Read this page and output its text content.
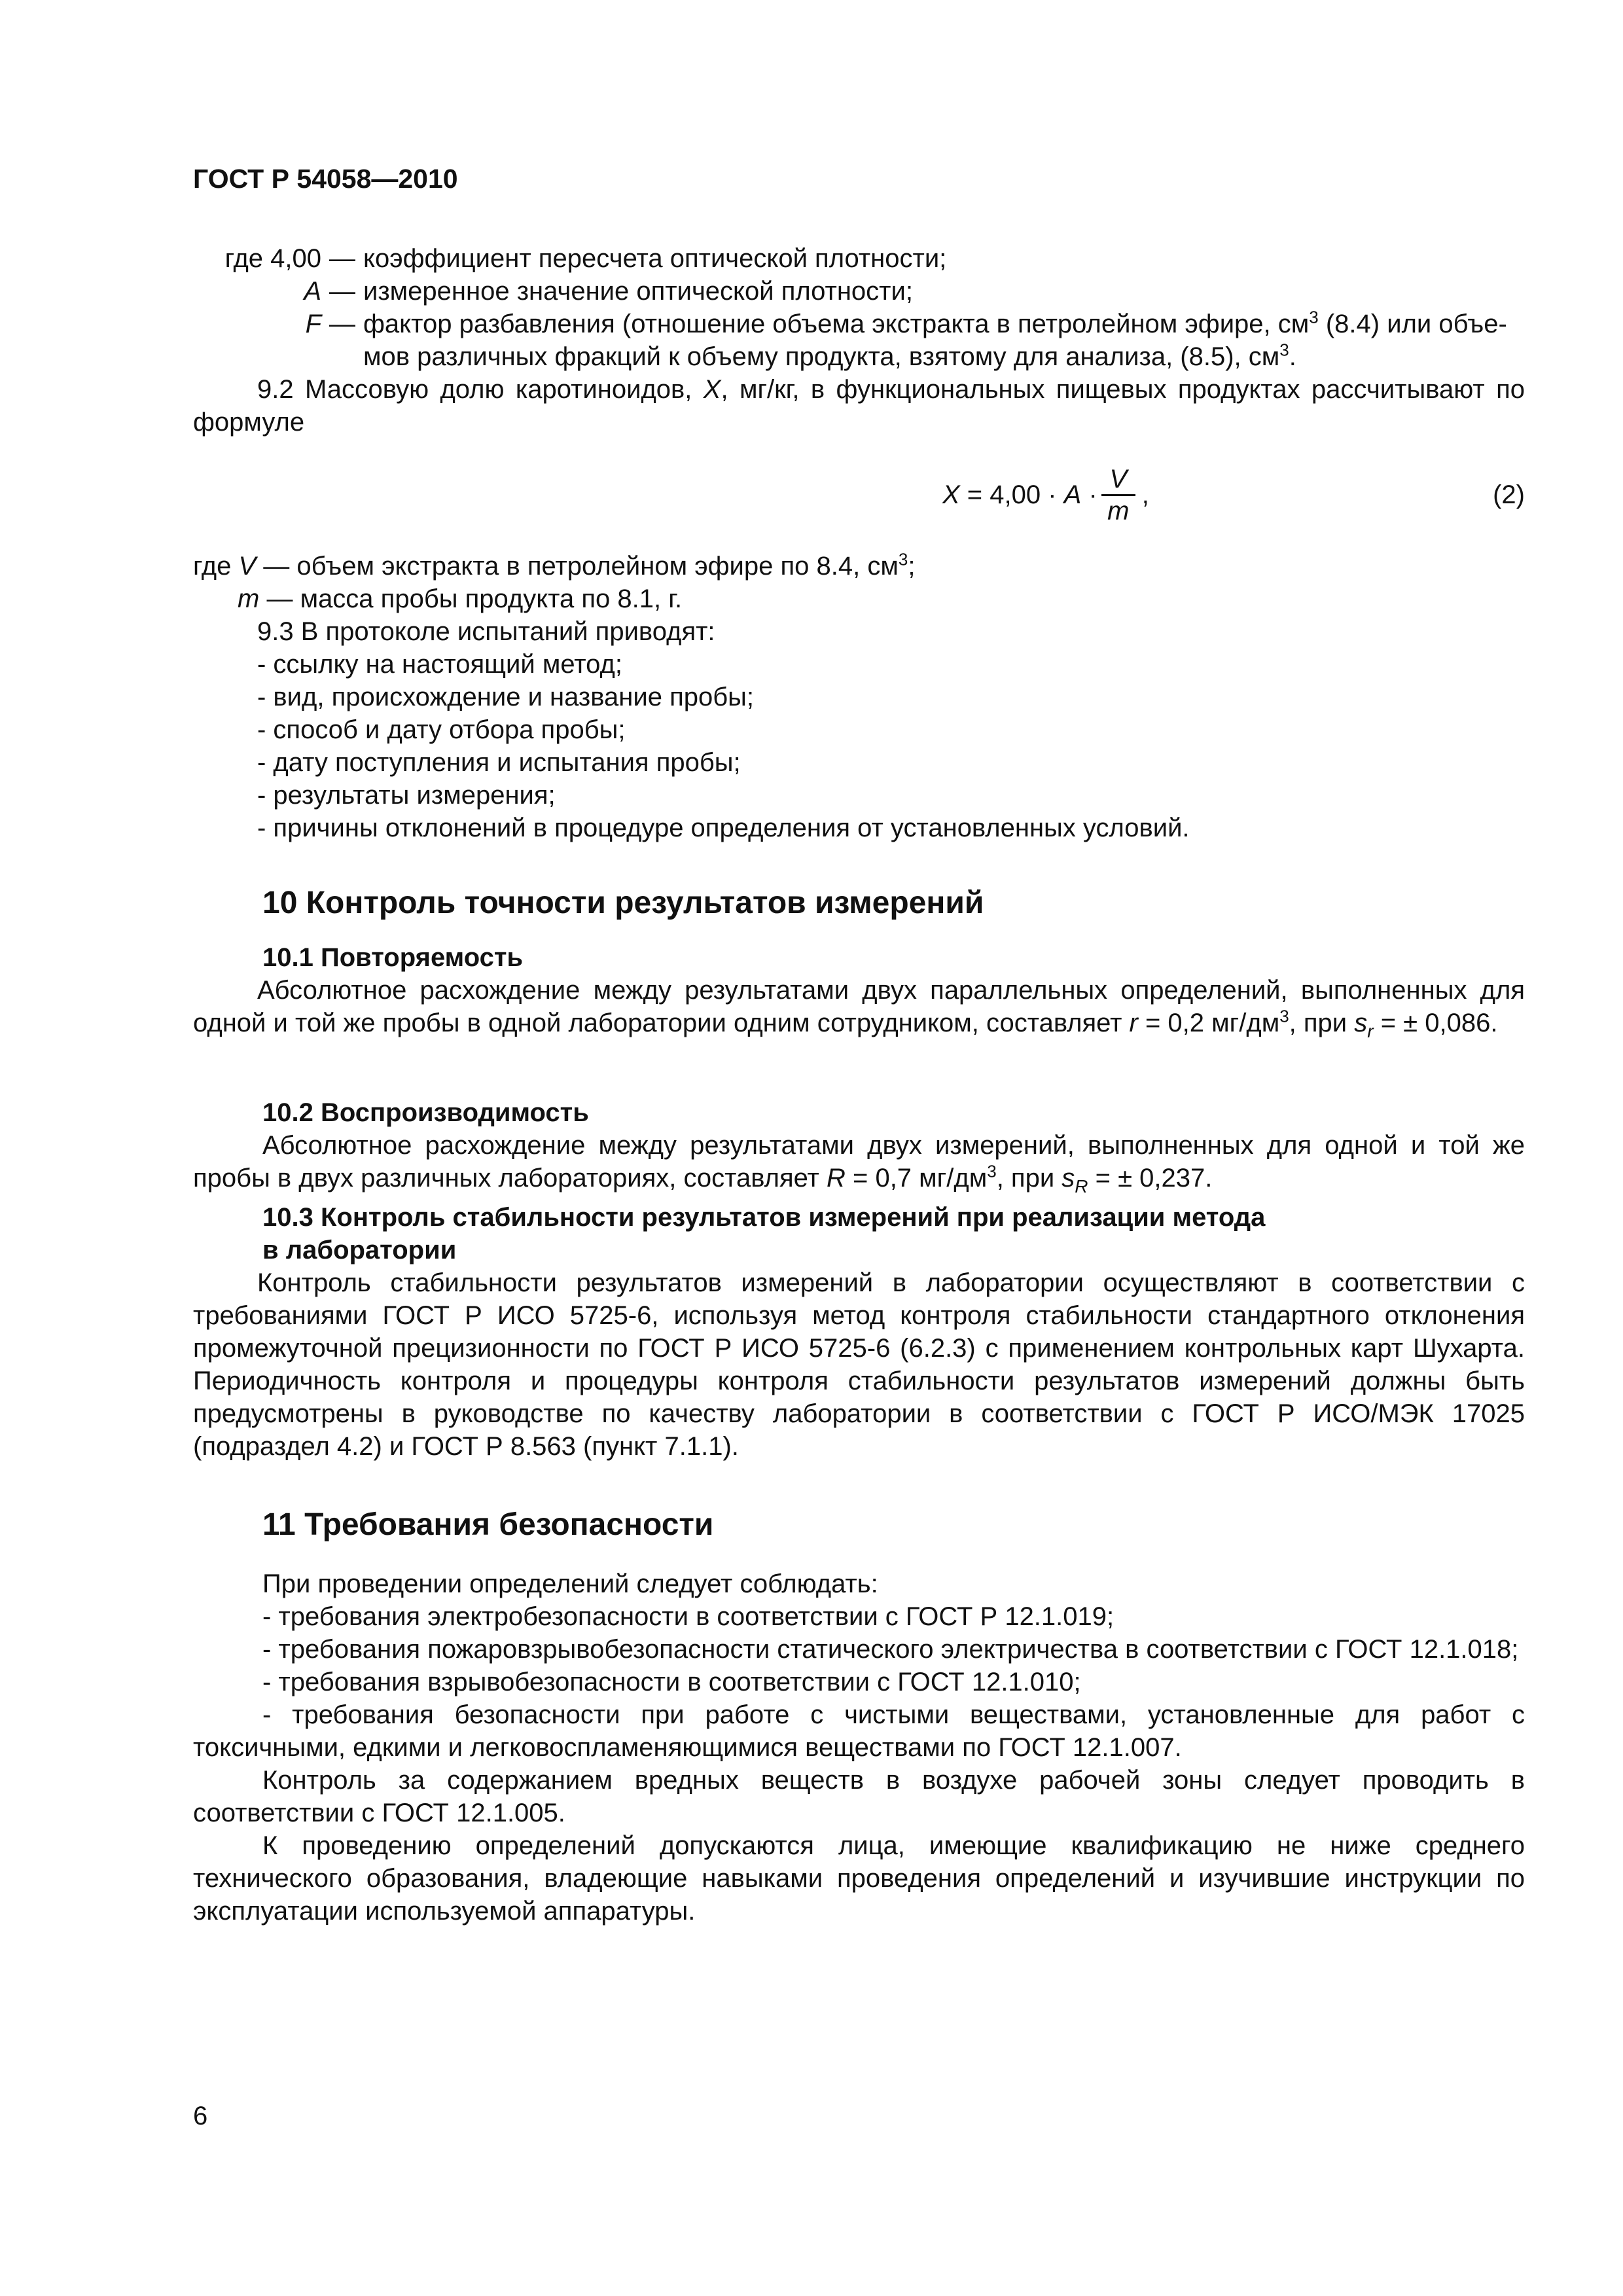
ГОСТ Р 54058—2010
где 4,00 — коэффициент пересчета оптической плотности;
A — измеренное значение оптической плотности;
F — фактор разбавления (отношение объема экстракта в петролейном эфире, $см^3$ (8.4) или объе-
мов различных фракций к объему продукта, взятому для анализа, (8.5), $см^3$.

9.2 Массовую долю каротиноидов, X, мг/кг, в функциональных пищевых продуктах рассчитывают по формуле

$X = 4,00 \cdot A \cdot \frac{V}{m}$ ,	(2)
где V — объем экстракта в петролейном эфире по 8.4, $см^3$;
m — масса пробы продукта по 8.1, г.
9.3 В протоколе испытаний приводят:
- ссылку на настоящий метод;
- вид, происхождение и название пробы;
- способ и дату отбора пробы;
- дату поступления и испытания пробы;
- результаты измерения;
- причины отклонений в процедуре определения от установленных условий.
10 Контроль точности результатов измерений
10.1 Повторяемость

Абсолютное расхождение между результатами двух параллельных определений, выполненных для одной и той же пробы в одной лаборатории одним сотрудником, составляет r = 0,2 $мг/дм^3$, при $s_r$ = ± 0,086.

10.2 Воспроизводимость

Абсолютное расхождение между результатами двух измерений, выполненных для одной и той же пробы в двух различных лабораториях, составляет R = 0,7 $мг/дм^3$, при $s_R$ = ± 0,237.

10.3 Контроль стабильности результатов измерений при реализации метода
в лаборатории

Контроль стабильности результатов измерений в лаборатории осуществляют в соответствии с требованиями ГОСТ Р ИСО 5725-6, используя метод контроля стабильности стандартного отклонения промежуточной прецизионности по ГОСТ Р ИСО 5725-6 (6.2.3) с применением контрольных карт Шухарта. Периодичность контроля и процедуры контроля стабильности результатов измерений должны быть предусмотрены в руководстве по качеству лаборатории в соответствии с ГОСТ Р ИСО/МЭК 17025 (подраздел 4.2) и ГОСТ Р 8.563 (пункт 7.1.1).

11 Требования безопасности

При проведении определений следует соблюдать:

- требования электробезопасности в соответствии с ГОСТ Р 12.1.019;

- требования пожаровзрывобезопасности статического электричества в соответствии с ГОСТ 12.1.018;

- требования взрывобезопасности в соответствии с ГОСТ 12.1.010;

- требования безопасности при работе с чистыми веществами, установленные для работ с токсичными, едкими и легковоспламеняющимися веществами по ГОСТ 12.1.007.

Контроль за содержанием вредных веществ в воздухе рабочей зоны следует проводить в соответствии с ГОСТ 12.1.005.

К проведению определений допускаются лица, имеющие квалификацию не ниже среднего технического образования, владеющие навыками проведения определений и изучившие инструкции по эксплуатации используемой аппаратуры.

6
